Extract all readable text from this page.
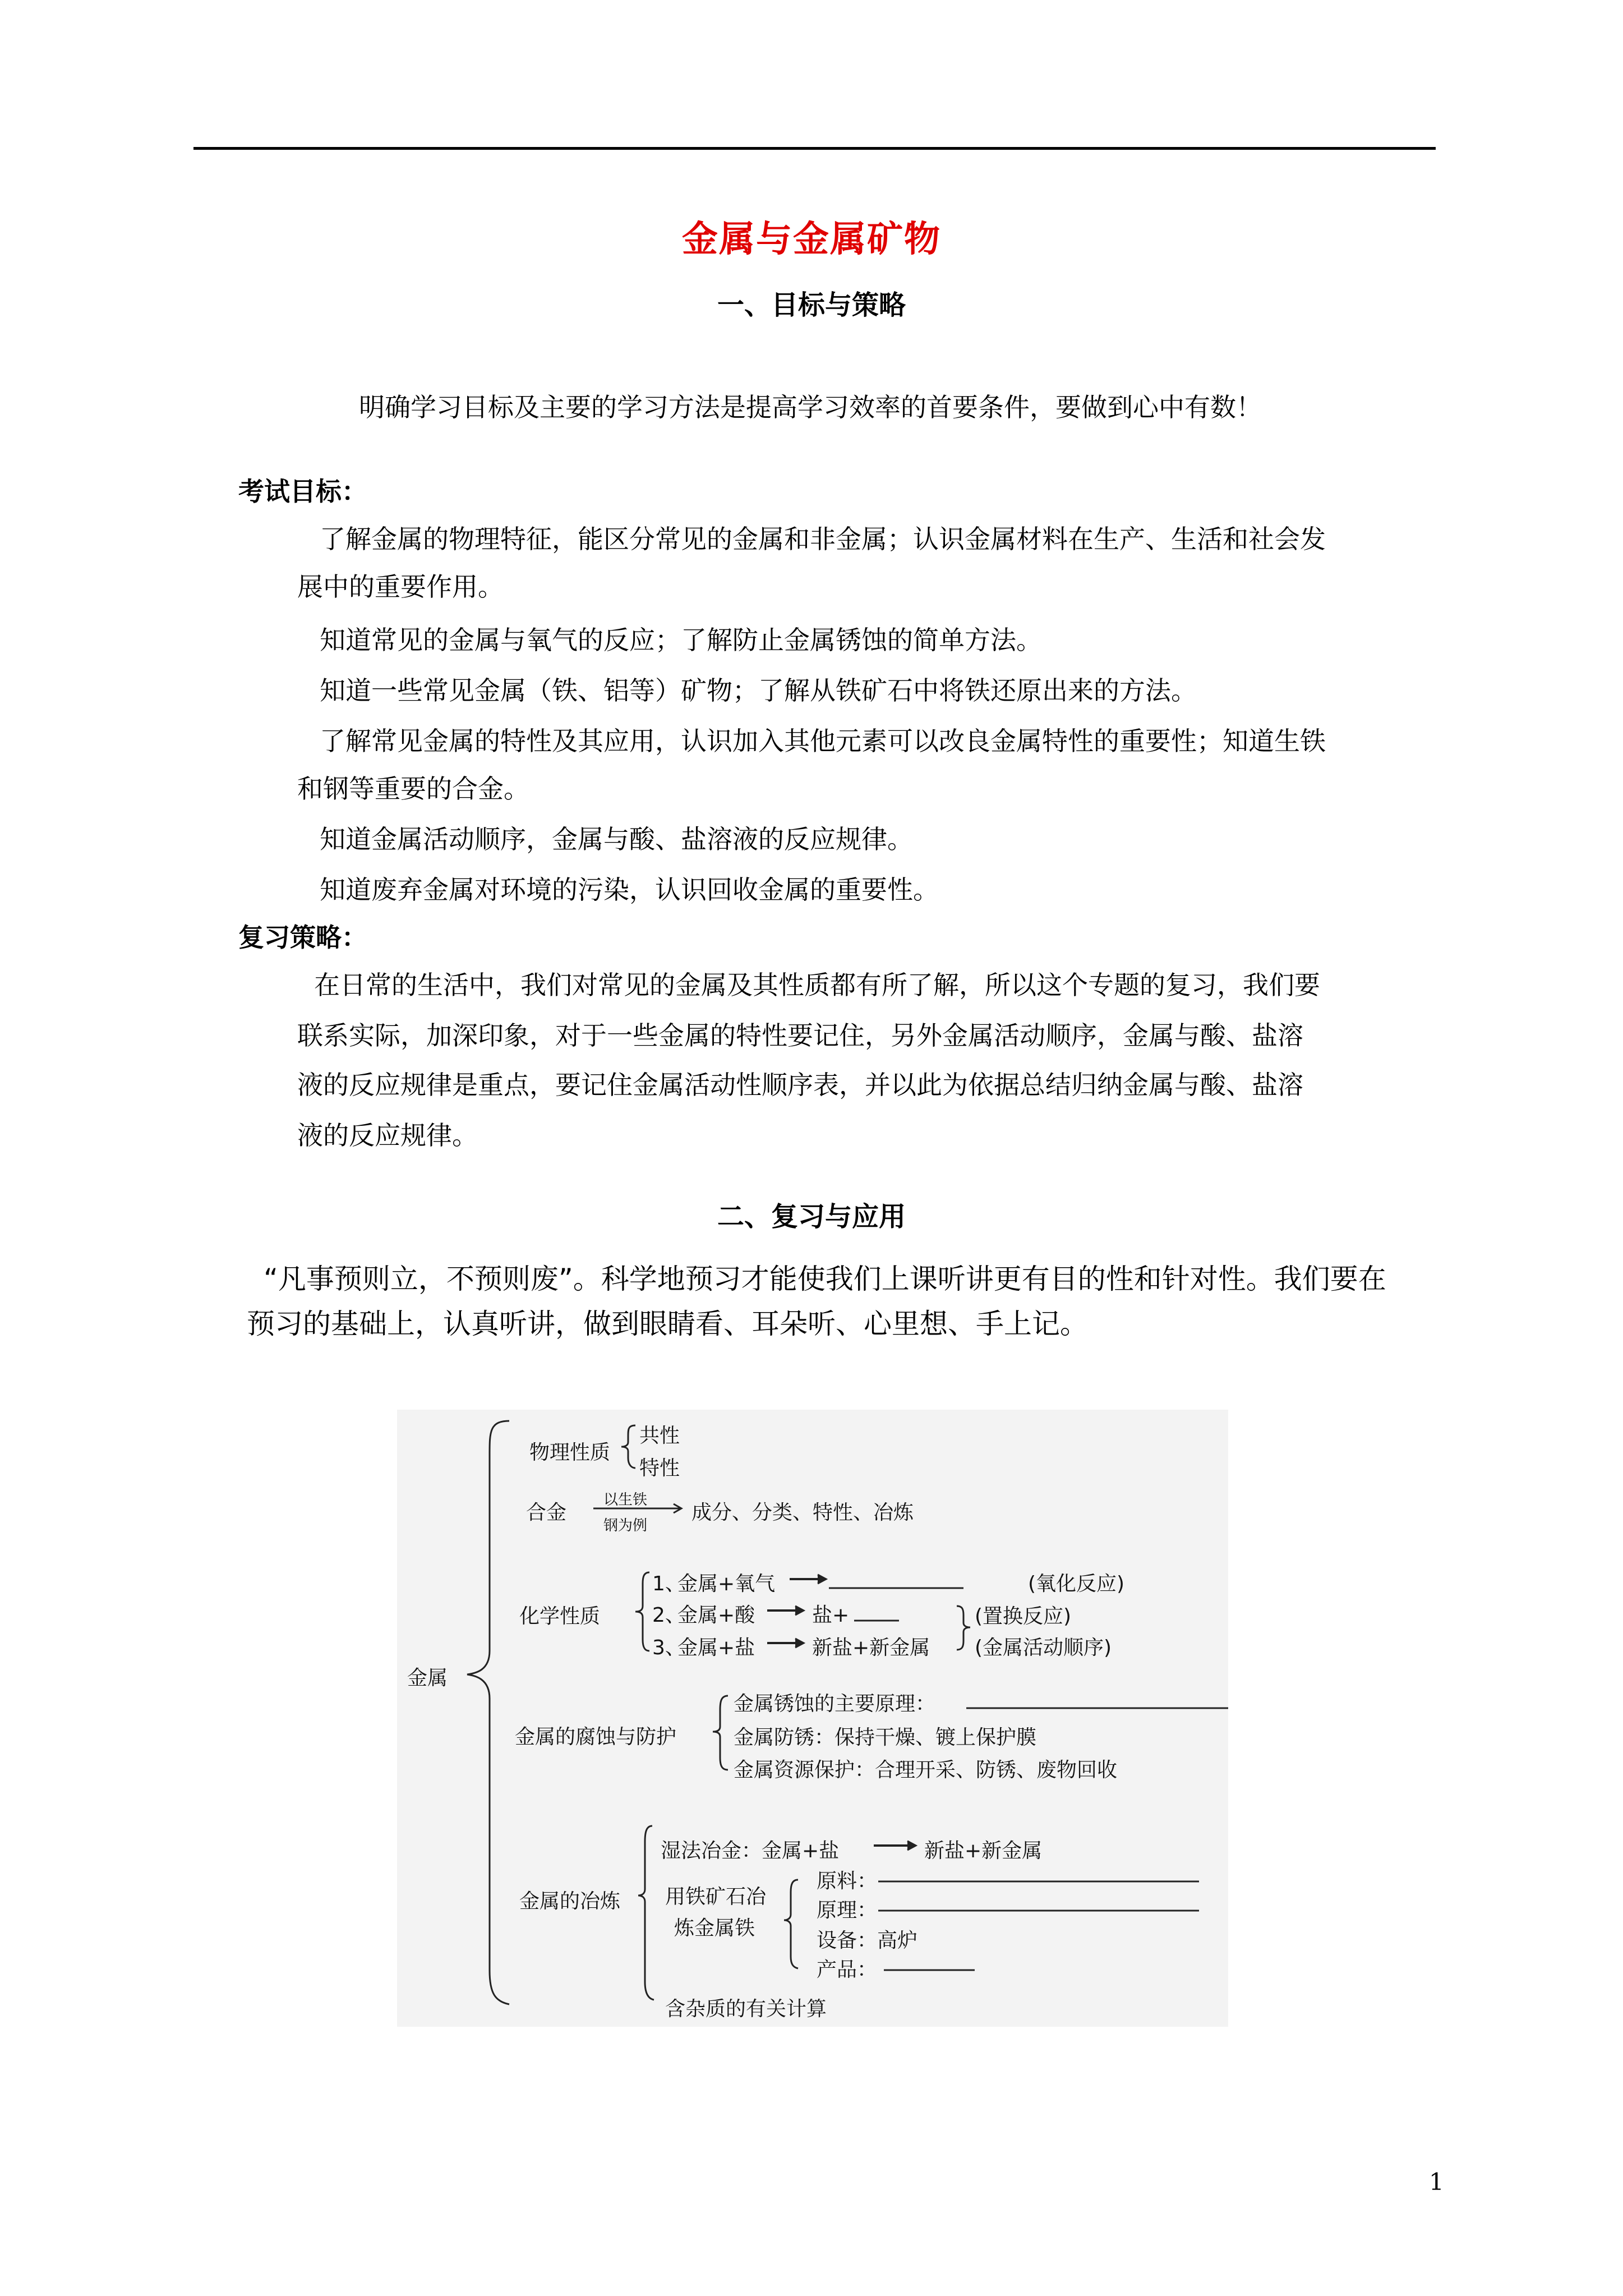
金属与金属矿物
一、目标与策略
明确学习目标及主要的学习方法是提高学习效率的首要条件，要做到心中有数！
考试目标：
了解金属的物理特征，能区分常见的金属和非金属；认识金属材料在生产、生活和社会发
展中的重要作用。
知道常见的金属与氧气的反应；了解防止金属锈蚀的简单方法。
知道一些常见金属（铁、铝等）矿物；了解从铁矿石中将铁还原出来的方法。
了解常见金属的特性及其应用，认识加入其他元素可以改良金属特性的重要性；知道生铁
和钢等重要的合金。
知道金属活动顺序，金属与酸、盐溶液的反应规律。
知道废弃金属对环境的污染，认识回收金属的重要性。
复习策略：
在日常的生活中，我们对常见的金属及其性质都有所了解，所以这个专题的复习，我们要
联系实际，加深印象，对于一些金属的特性要记住，另外金属活动顺序，金属与酸、盐溶
液的反应规律是重点，要记住金属活动性顺序表，并以此为依据总结归纳金属与酸、盐溶
液的反应规律。
二、复习与应用
“凡事预则立，不预则废”。科学地预习才能使我们上课听讲更有目的性和针对性。我们要在
预习的基础上，认真听讲，做到眼睛看、耳朵听、心里想、手上记。
金属
物理性质
共性
特性
合金
以生铁
钢为例
成分、分类、特性、冶炼
化学性质
1、
金属+氧气
2、
金属+酸	盐+
3、
金属+盐	新盐+新金属
(氧化反应)
(置换反应)
(金属活动顺序)
金属的腐蚀与防护
金属锈蚀的主要原理：
金属防锈：保持干燥、镀上保护膜
金属资源保护：合理开采、防锈、废物回收
金属的冶炼
湿法冶金：金属+盐	新盐+新金属
用铁矿石冶
炼金属铁
原料：
原理：
设备：高炉
产品：
含杂质的有关计算
1
